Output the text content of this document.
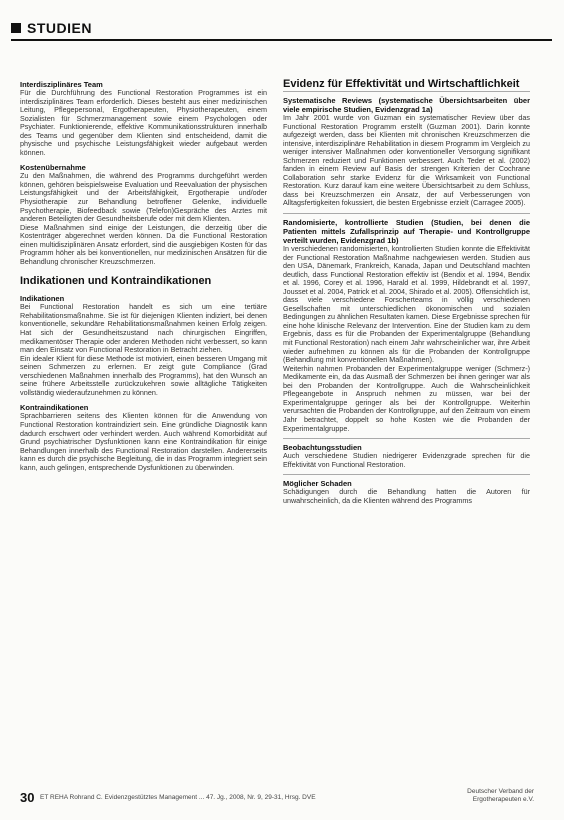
STUDIEN
Interdisziplinäres Team

Für die Durchführung des Functional Restoration Programmes ist ein interdisziplinäres Team erforderlich. Dieses besteht aus einer medizinischen Leitung, Pflegepersonal, Ergotherapeuten, Physiotherapeuten, einem Sozialisten für Schmerzmanagement sowie einem Psychologen oder Psychiater. Funktionierende, effektive Kommunikationsstrukturen innerhalb des Teams und gegenüber dem Klienten sind entscheidend, damit die physische und psychische Leistungsfähigkeit wieder aufgebaut werden können.

Kostenübernahme

Zu den Maßnahmen, die während des Programms durchgeführt werden können, gehören beispielsweise Evaluation und Reevaluation der physischen Leistungsfähigkeit und der Arbeitsfähigkeit, Ergotherapie und/oder Physiotherapie zur Behandlung betroffener Gelenke, individuelle Psychotherapie, Biofeedback sowie (Telefon)Gespräche des Arztes mit anderen Beteiligten der Gesundheitsberufe oder mit dem Klienten.

Diese Maßnahmen sind einige der Leistungen, die derzeitig über die Kostenträger abgerechnet werden können. Da die Functional Restoration einen multidisziplinären Ansatz erfordert, sind die ausgiebigen Kosten für das Programm höher als bei konventionellen, nur medizinischen Ansätzen für die Behandlung chronischer Kreuzschmerzen.

Indikationen und Kontraindikationen
Indikationen

Bei Functional Restoration handelt es sich um eine tertiäre Rehabilitationsmaßnahme. Sie ist für diejenigen Klienten indiziert, bei denen konventionelle, sekundäre Rehabilitationsmaßnahmen keinen Erfolg zeigen. Hat sich der Gesundheitszustand nach chirurgischen Eingriffen, medikamentöser Therapie oder anderen Methoden nicht verbessert, so kann man den Einsatz von Functional Restoration in Betracht ziehen.

Ein idealer Klient für diese Methode ist motiviert, einen besseren Umgang mit seinen Schmerzen zu erlernen. Er zeigt gute Compliance (Grad verschiedenen Maßnahmen innerhalb des Programms), hat den Wunsch an seine frühere Arbeitsstelle zurückzukehren sowie alltägliche Tätigkeiten vollständig wiederaufzunehmen zu können.

Kontraindikationen

Sprachbarrieren seitens des Klienten können für die Anwendung von Functional Restoration kontraindiziert sein. Eine gründliche Diagnostik kann dadurch erschwert oder verhindert werden. Auch während Komorbidität auf Grund psychiatrischer Dysfunktionen kann eine Kontraindikation für einige Behandlungen innerhalb des Functional Restoration darstellen. Andererseits kann es durch die psychische Begleitung, die in das Programm integriert sein kann, auch gelingen, entsprechende Dysfunktionen zu überwinden.

Evidenz für Effektivität und Wirtschaftlichkeit
Systematische Reviews (systematische Übersichtsarbeiten über viele empirische Studien, Evidenzgrad 1a)

Im Jahr 2001 wurde von Guzman ein systematischer Review über das Functional Restoration Programm erstellt (Guzman 2001). Darin konnte aufgezeigt werden, dass bei Klienten mit chronischen Kreuzschmerzen die intensive, interdisziplinäre Rehabilitation in diesem Programm im Vergleich zu weniger intensiver Maßnahmen oder konventioneller Versorgung signifikant Schmerzen reduziert und Funktionen verbessert. Auch Teder et al. (2002) fanden in einem Review auf Basis der strengen Kriterien der Cochrane Collaboration sehr starke Evidenz für die Wirksamkeit von Functional Restoration. Kurz darauf kam eine weitere Übersichtsarbeit zu dem Schluss, dass bei Kreuzschmerzen ein Ansatz, der auf Verbesserungen von Alltagsfertigkeiten fokussiert, die besten Ergebnisse erzielt (Carragee 2005).

Randomisierte, kontrollierte Studien (Studien, bei denen die Patienten mittels Zufallsprinzip auf Therapie- und Kontrollgruppe verteilt wurden, Evidenzgrad 1b)

In verschiedenen randomisierten, kontrollierten Studien konnte die Effektivität der Functional Restoration Maßnahme nachgewiesen werden. Studien aus den USA, Dänemark, Frankreich, Kanada, Japan und Deutschland machten deutlich, dass Functional Restoration effektiv ist (Bendix et al. 1994, Bendix et al. 1996, Corey et al. 1996, Harald et al. 1999, Hildebrandt et al. 1997, Jousset et al. 2004, Patrick et al. 2004, Shirado et al. 2005). Offensichtlich ist, dass viele verschiedene Forscherteams in völlig verschiedenen Gesellschaften mit unterschiedlichen ökonomischen und sozialen Bedingungen zu ähnlichen Resultaten kamen. Diese Ergebnisse sprechen für eine hohe klinische Relevanz der Intervention. Eine der Studien kam zu dem Ergebnis, dass es für die Probanden der Experimentalgruppe (Behandlung mit Functional Restoration) nach einem Jahr wahrscheinlicher war, ihre Arbeit wieder aufnehmen zu können als für die Probanden der Kontrollgruppe (Behandlung mit konventionellen Maßnahmen).

Weiterhin nahmen Probanden der Experimentalgruppe weniger (Schmerz-) Medikamente ein, da das Ausmaß der Schmerzen bei ihnen geringer war als bei den Probanden der Kontrollgruppe. Auch die Wahrscheinlichkeit Pflegeangebote in Anspruch nehmen zu müssen, war bei der Experimentalgruppe geringer als bei der Kontrollgruppe. Weiterhin verursachten die Probanden der Kontrollgruppe, auf den Zeitraum von einem Jahr betrachtet, doppelt so hohe Kosten wie die Probanden der Experimentalgruppe.

Beobachtungsstudien

Auch verschiedene Studien niedrigerer Evidenzgrade sprechen für die Effektivität von Functional Restoration.

Möglicher Schaden

Schädigungen durch die Behandlung hatten die Autoren für unwahrscheinlich, da die Klienten während des Programms

30 ET REHA Rohrand C. Evidenzgestütztes Management ... 47. Jg., 2008, Nr. 9, 29-31, Hrsg. DVE
Deutscher Verband der
Ergotherapeuten e.V.
